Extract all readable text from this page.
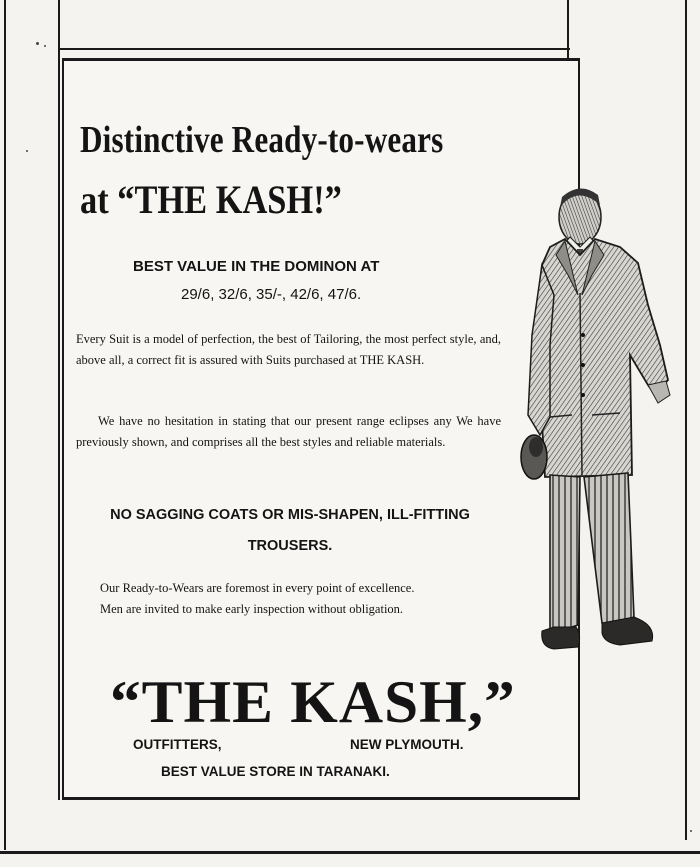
Distinctive Ready-to-wears
at “THE KASH!”
BEST VALUE IN THE DOMINON AT
29/6, 32/6, 35/-, 42/6, 47/6.
Every Suit is a model of perfection, the best of Tailoring, the most perfect style, and, above all, a correct fit is assured with Suits purchased at THE KASH.
We have no hesitation in stating that our present range eclipses any We have previously shown, and comprises all the best styles and reliable materials.
NO SAGGING COATS OR MIS-SHAPEN, ILL-FITTING
TROUSERS.
Our Ready-to-Wears are foremost in every point of excellence.
Men are invited to make early inspection without obligation.
“THE KASH,”
OUTFITTERS,	NEW PLYMOUTH.
BEST VALUE STORE IN TARANAKI.
